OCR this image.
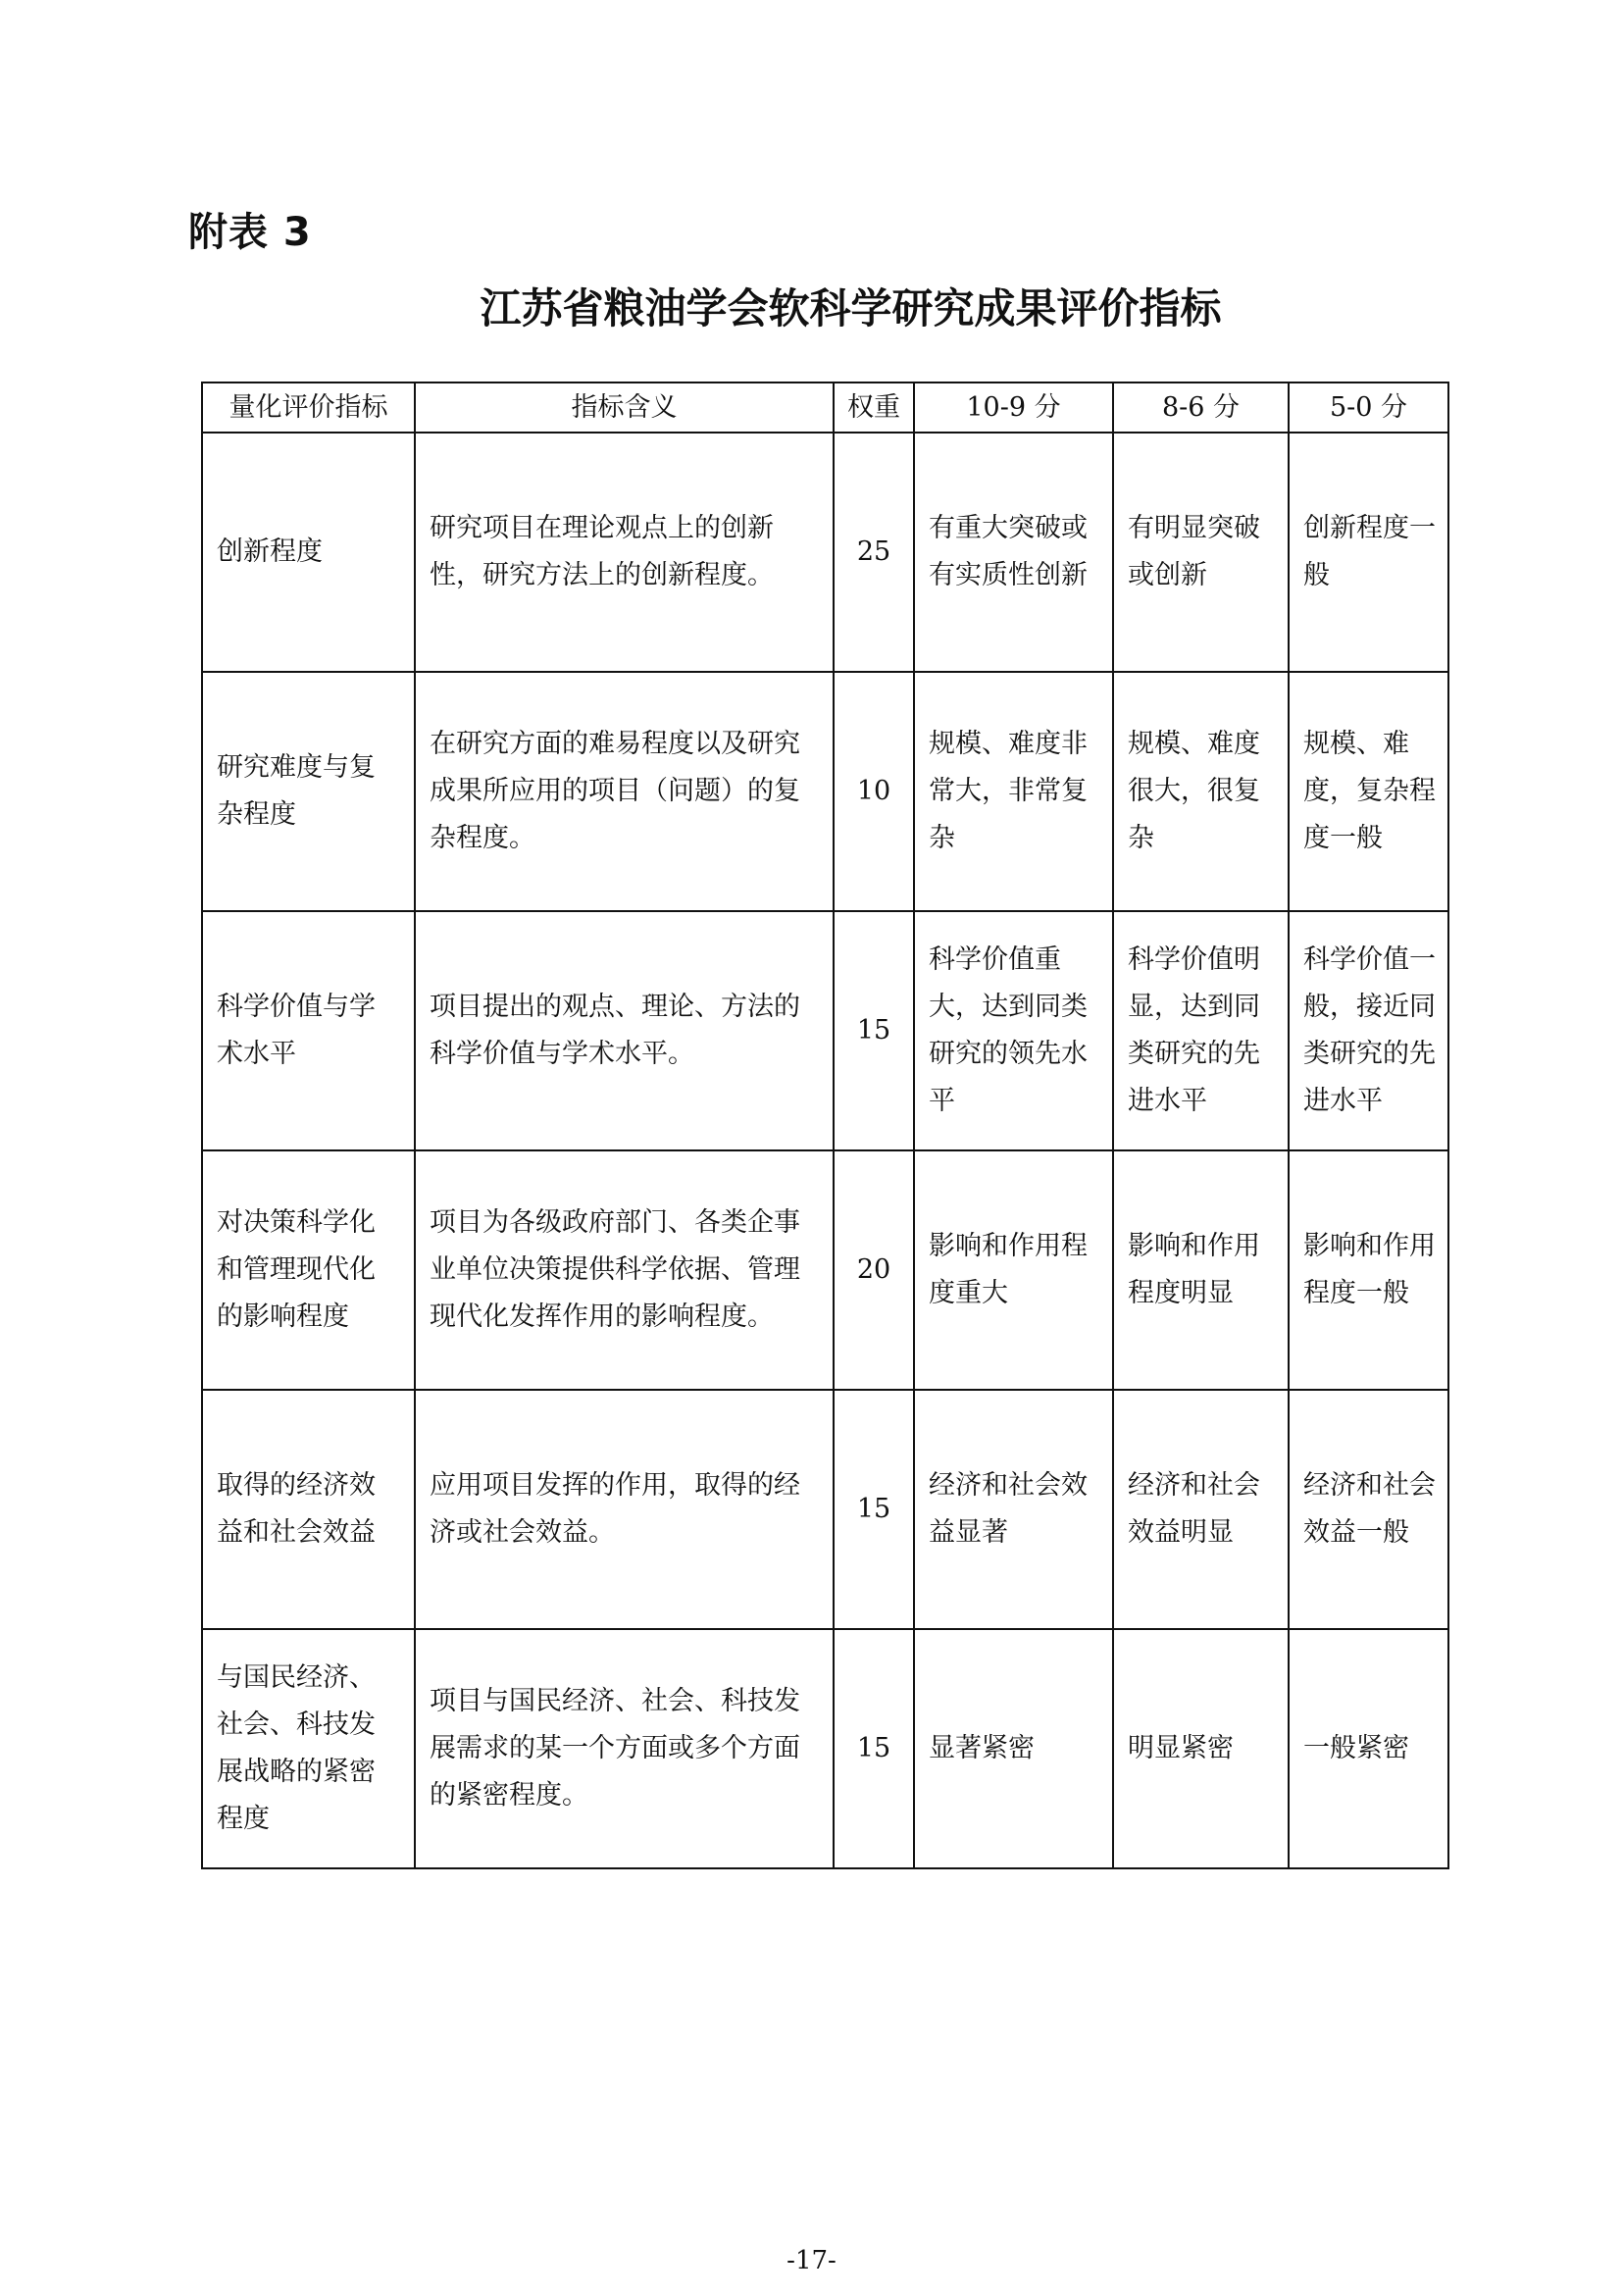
附表 3
江苏省粮油学会软科学研究成果评价指标
量化评价指标	指标含义	权重	10-9 分	8-6 分	5-0 分
创新程度	研究项目在理论观点上的创新性，研究方法上的创新程度。	25	有重大突破或有实质性创新	有明显突破或创新	创新程度一般
研究难度与复杂程度	在研究方面的难易程度以及研究成果所应用的项目（问题）的复杂程度。	10	规模、难度非常大，非常复杂	规模、难度很大，很复杂	规模、难度，复杂程度一般
科学价值与学术水平	项目提出的观点、理论、方法的科学价值与学术水平。	15	科学价值重大，达到同类研究的领先水平	科学价值明显，达到同类研究的先进水平	科学价值一般，接近同类研究的先进水平
对决策科学化和管理现代化的影响程度	项目为各级政府部门、各类企事业单位决策提供科学依据、管理现代化发挥作用的影响程度。	20	影响和作用程度重大	影响和作用程度明显	影响和作用程度一般
取得的经济效益和社会效益	应用项目发挥的作用，取得的经济或社会效益。	15	经济和社会效益显著	经济和社会效益明显	经济和社会效益一般
与国民经济、社会、科技发展战略的紧密程度	项目与国民经济、社会、科技发展需求的某一个方面或多个方面的紧密程度。	15	显著紧密	明显紧密	一般紧密

-17-
